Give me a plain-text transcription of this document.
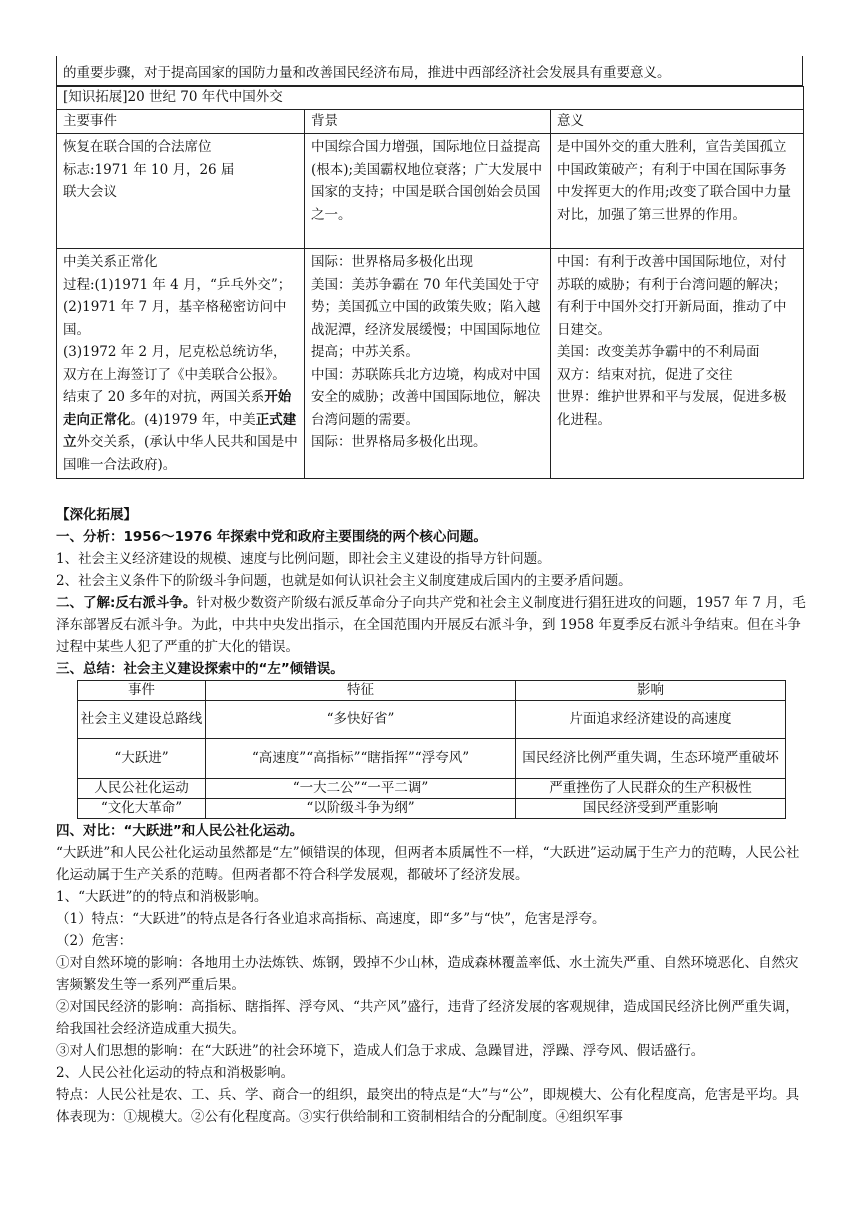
的重要步骤，对于提高国家的国防力量和改善国民经济布局，推进中西部经济社会发展具有重要意义。
[知识拓展]20 世纪 70 年代中国外交		
主要事件	背景	意义

恢复在联合国的合法席位
标志:1971 年 10 月，26 届
联大会议	中国综合国力增强，国际地位日益提高(根本);美国霸权地位衰落；广大发展中国家的支持；中国是联合国创始会员国之一。	是中国外交的重大胜利，宣告美国孤立中国政策破产；有利于中国在国际事务中发挥更大的作用;改变了联合国中力量对比，加强了第三世界的作用。

中美关系正常化
过程:(1)1971 年 4 月，“乒乓外交”；(2)1971 年 7 月，基辛格秘密访问中国。
(3)1972 年 2 月，尼克松总统访华，双方在上海签订了《中美联合公报》。结束了 20 多年的对抗，两国关系开始走向正常化。(4)1979 年，中美正式建立外交关系，(承认中华人民共和国是中国唯一合法政府)。	国际：世界格局多极化出现
美国：美苏争霸在 70 年代美国处于守势；美国孤立中国的政策失败；陷入越战泥潭，经济发展缓慢；中国国际地位提高；中苏关系。
中国：苏联陈兵北方边境，构成对中国安全的威胁；改善中国国际地位，解决台湾问题的需要。
国际：世界格局多极化出现。	中国：有利于改善中国国际地位，对付苏联的威胁；有利于台湾问题的解决；有利于中国外交打开新局面，推动了中日建交。
美国：改变美苏争霸中的不利局面
双方：结束对抗，促进了交往
世界：维护世界和平与发展，促进多极化进程。
【深化拓展】
一、分析：1956～1976 年探索中党和政府主要围绕的两个核心问题。
1、社会主义经济建设的规模、速度与比例问题，即社会主义建设的指导方针问题。
2、社会主义条件下的阶级斗争问题，也就是如何认识社会主义制度建成后国内的主要矛盾问题。
二、了解:反右派斗争。针对极少数资产阶级右派反革命分子向共产党和社会主义制度进行猖狂进攻的问题，1957 年 7 月，毛泽东部署反右派斗争。为此，中共中央发出指示，在全国范围内开展反右派斗争，到 1958 年夏季反右派斗争结束。但在斗争过程中某些人犯了严重的扩大化的错误。
三、总结：社会主义建设探索中的“左”倾错误。
事件	特征	影响
社会主义建设总路线	“多快好省”	片面追求经济建设的高速度
“大跃进”	“高速度”“高指标”“瞎指挥”“浮夸风”	国民经济比例严重失调，生态环境严重破坏
人民公社化运动	“一大二公”“一平二调”	严重挫伤了人民群众的生产积极性
“文化大革命”	“以阶级斗争为纲”	国民经济受到严重影响
四、对比：“大跃进”和人民公社化运动。
“大跃进”和人民公社化运动虽然都是“左”倾错误的体现，但两者本质属性不一样，“大跃进”运动属于生产力的范畴，人民公社化运动属于生产关系的范畴。但两者都不符合科学发展观，都破坏了经济发展。
1、“大跃进”的的特点和消极影响。
（1）特点：“大跃进”的特点是各行各业追求高指标、高速度，即“多”与“快”，危害是浮夸。
（2）危害：
①对自然环境的影响：各地用土办法炼铁、炼钢，毁掉不少山林，造成森林覆盖率低、水土流失严重、自然环境恶化、自然灾害频繁发生等一系列严重后果。
②对国民经济的影响：高指标、瞎指挥、浮夸风、“共产风”盛行，违背了经济发展的客观规律，造成国民经济比例严重失调，给我国社会经济造成重大损失。
③对人们思想的影响：在“大跃进”的社会环境下，造成人们急于求成、急躁冒进，浮躁、浮夸风、假话盛行。
2、人民公社化运动的特点和消极影响。
特点：人民公社是农、工、兵、学、商合一的组织，最突出的特点是“大”与“公”，即规模大、公有化程度高，危害是平均。具体表现为：①规模大。②公有化程度高。③实行供给制和工资制相结合的分配制度。④组织军事
